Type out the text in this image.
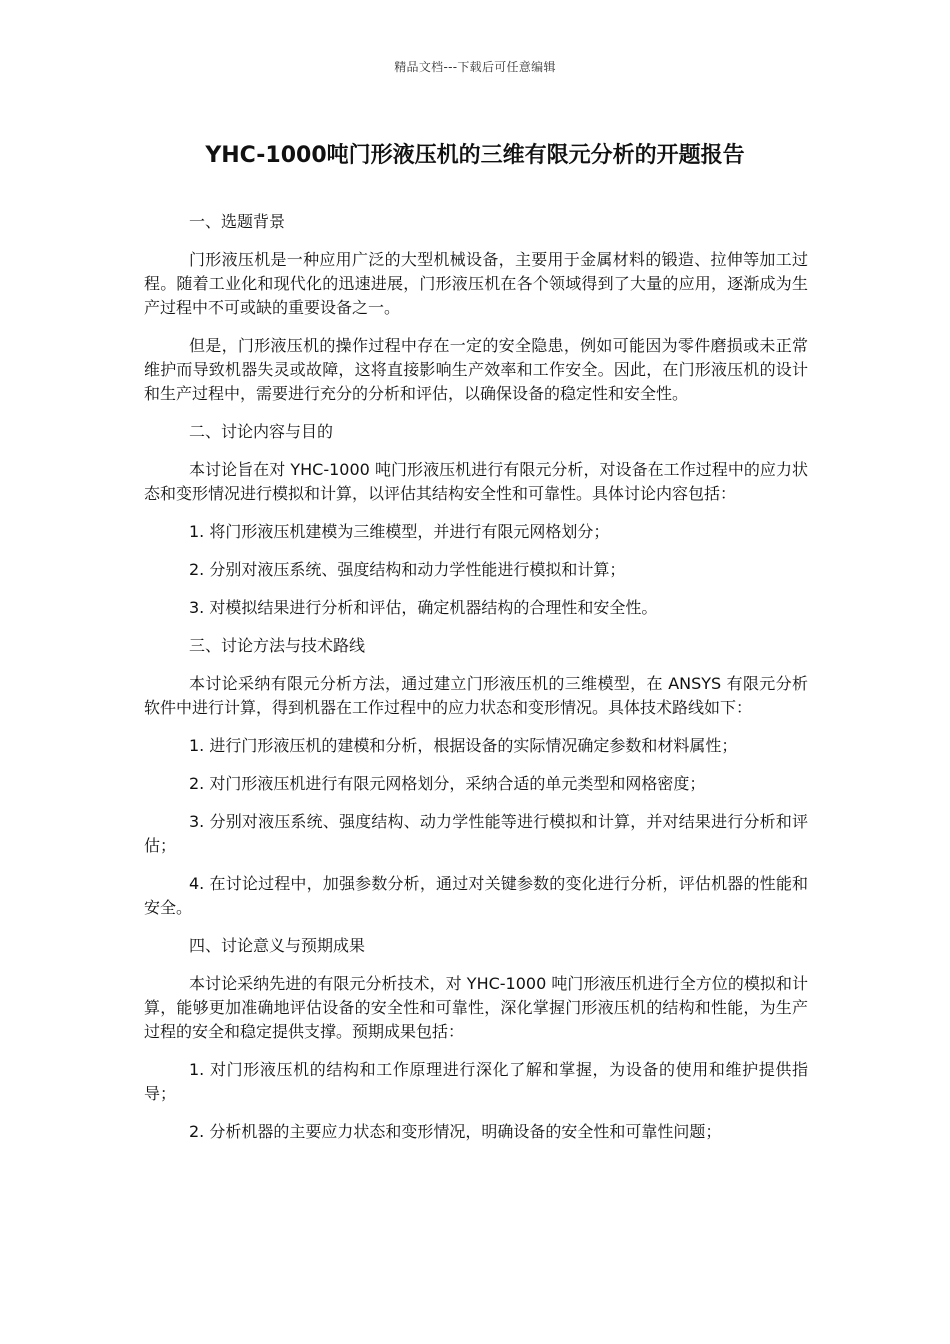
精品文档---下载后可任意编辑
YHC-1000吨门形液压机的三维有限元分析的开题报告

一、选题背景

门形液压机是一种应用广泛的大型机械设备，主要用于金属材料的锻造、拉伸等加工过程。随着工业化和现代化的迅速进展，门形液压机在各个领域得到了大量的应用，逐渐成为生产过程中不可或缺的重要设备之一。

但是，门形液压机的操作过程中存在一定的安全隐患，例如可能因为零件磨损或未正常维护而导致机器失灵或故障，这将直接影响生产效率和工作安全。因此，在门形液压机的设计和生产过程中，需要进行充分的分析和评估，以确保设备的稳定性和安全性。

二、讨论内容与目的

本讨论旨在对 YHC-1000 吨门形液压机进行有限元分析，对设备在工作过程中的应力状态和变形情况进行模拟和计算，以评估其结构安全性和可靠性。具体讨论内容包括：

1. 将门形液压机建模为三维模型，并进行有限元网格划分；

2. 分别对液压系统、强度结构和动力学性能进行模拟和计算；

3. 对模拟结果进行分析和评估，确定机器结构的合理性和安全性。

三、讨论方法与技术路线

本讨论采纳有限元分析方法，通过建立门形液压机的三维模型，在 ANSYS 有限元分析软件中进行计算，得到机器在工作过程中的应力状态和变形情况。具体技术路线如下：

1. 进行门形液压机的建模和分析，根据设备的实际情况确定参数和材料属性；

2. 对门形液压机进行有限元网格划分，采纳合适的单元类型和网格密度；

3. 分别对液压系统、强度结构、动力学性能等进行模拟和计算，并对结果进行分析和评估；

4. 在讨论过程中，加强参数分析，通过对关键参数的变化进行分析，评估机器的性能和安全。

四、讨论意义与预期成果

本讨论采纳先进的有限元分析技术，对 YHC-1000 吨门形液压机进行全方位的模拟和计算，能够更加准确地评估设备的安全性和可靠性，深化掌握门形液压机的结构和性能，为生产过程的安全和稳定提供支撑。预期成果包括：

1. 对门形液压机的结构和工作原理进行深化了解和掌握，为设备的使用和维护提供指导；

2. 分析机器的主要应力状态和变形情况，明确设备的安全性和可靠性问题；
